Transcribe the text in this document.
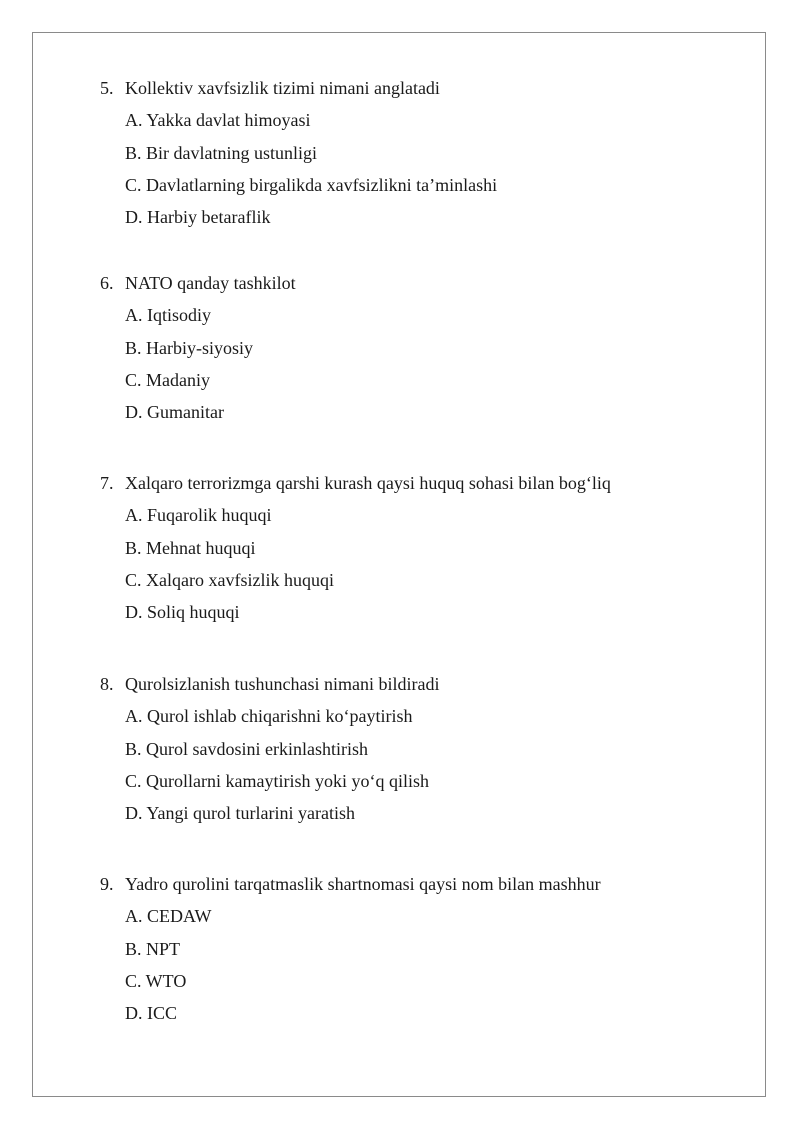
5. Kollektiv xavfsizlik tizimi nimani anglatadi
A. Yakka davlat himoyasi
B. Bir davlatning ustunligi
C. Davlatlarning birgalikda xavfsizlikni ta’minlashi
D. Harbiy betaraflik
6. NATO qanday tashkilot
A. Iqtisodiy
B. Harbiy-siyosiy
C. Madaniy
D. Gumanitar
7. Xalqaro terrorizmga qarshi kurash qaysi huquq sohasi bilan bog‘liq
A. Fuqarolik huquqi
B. Mehnat huquqi
C. Xalqaro xavfsizlik huquqi
D. Soliq huquqi
8. Qurolsizlanish tushunchasi nimani bildiradi
A. Qurol ishlab chiqarishni ko‘paytirish
B. Qurol savdosini erkinlashtirish
C. Qurollarni kamaytirish yoki yo‘q qilish
D. Yangi qurol turlarini yaratish
9. Yadro qurolini tarqatmaslik shartnomasi qaysi nom bilan mashhur
A. CEDAW
B. NPT
C. WTO
D. ICC
